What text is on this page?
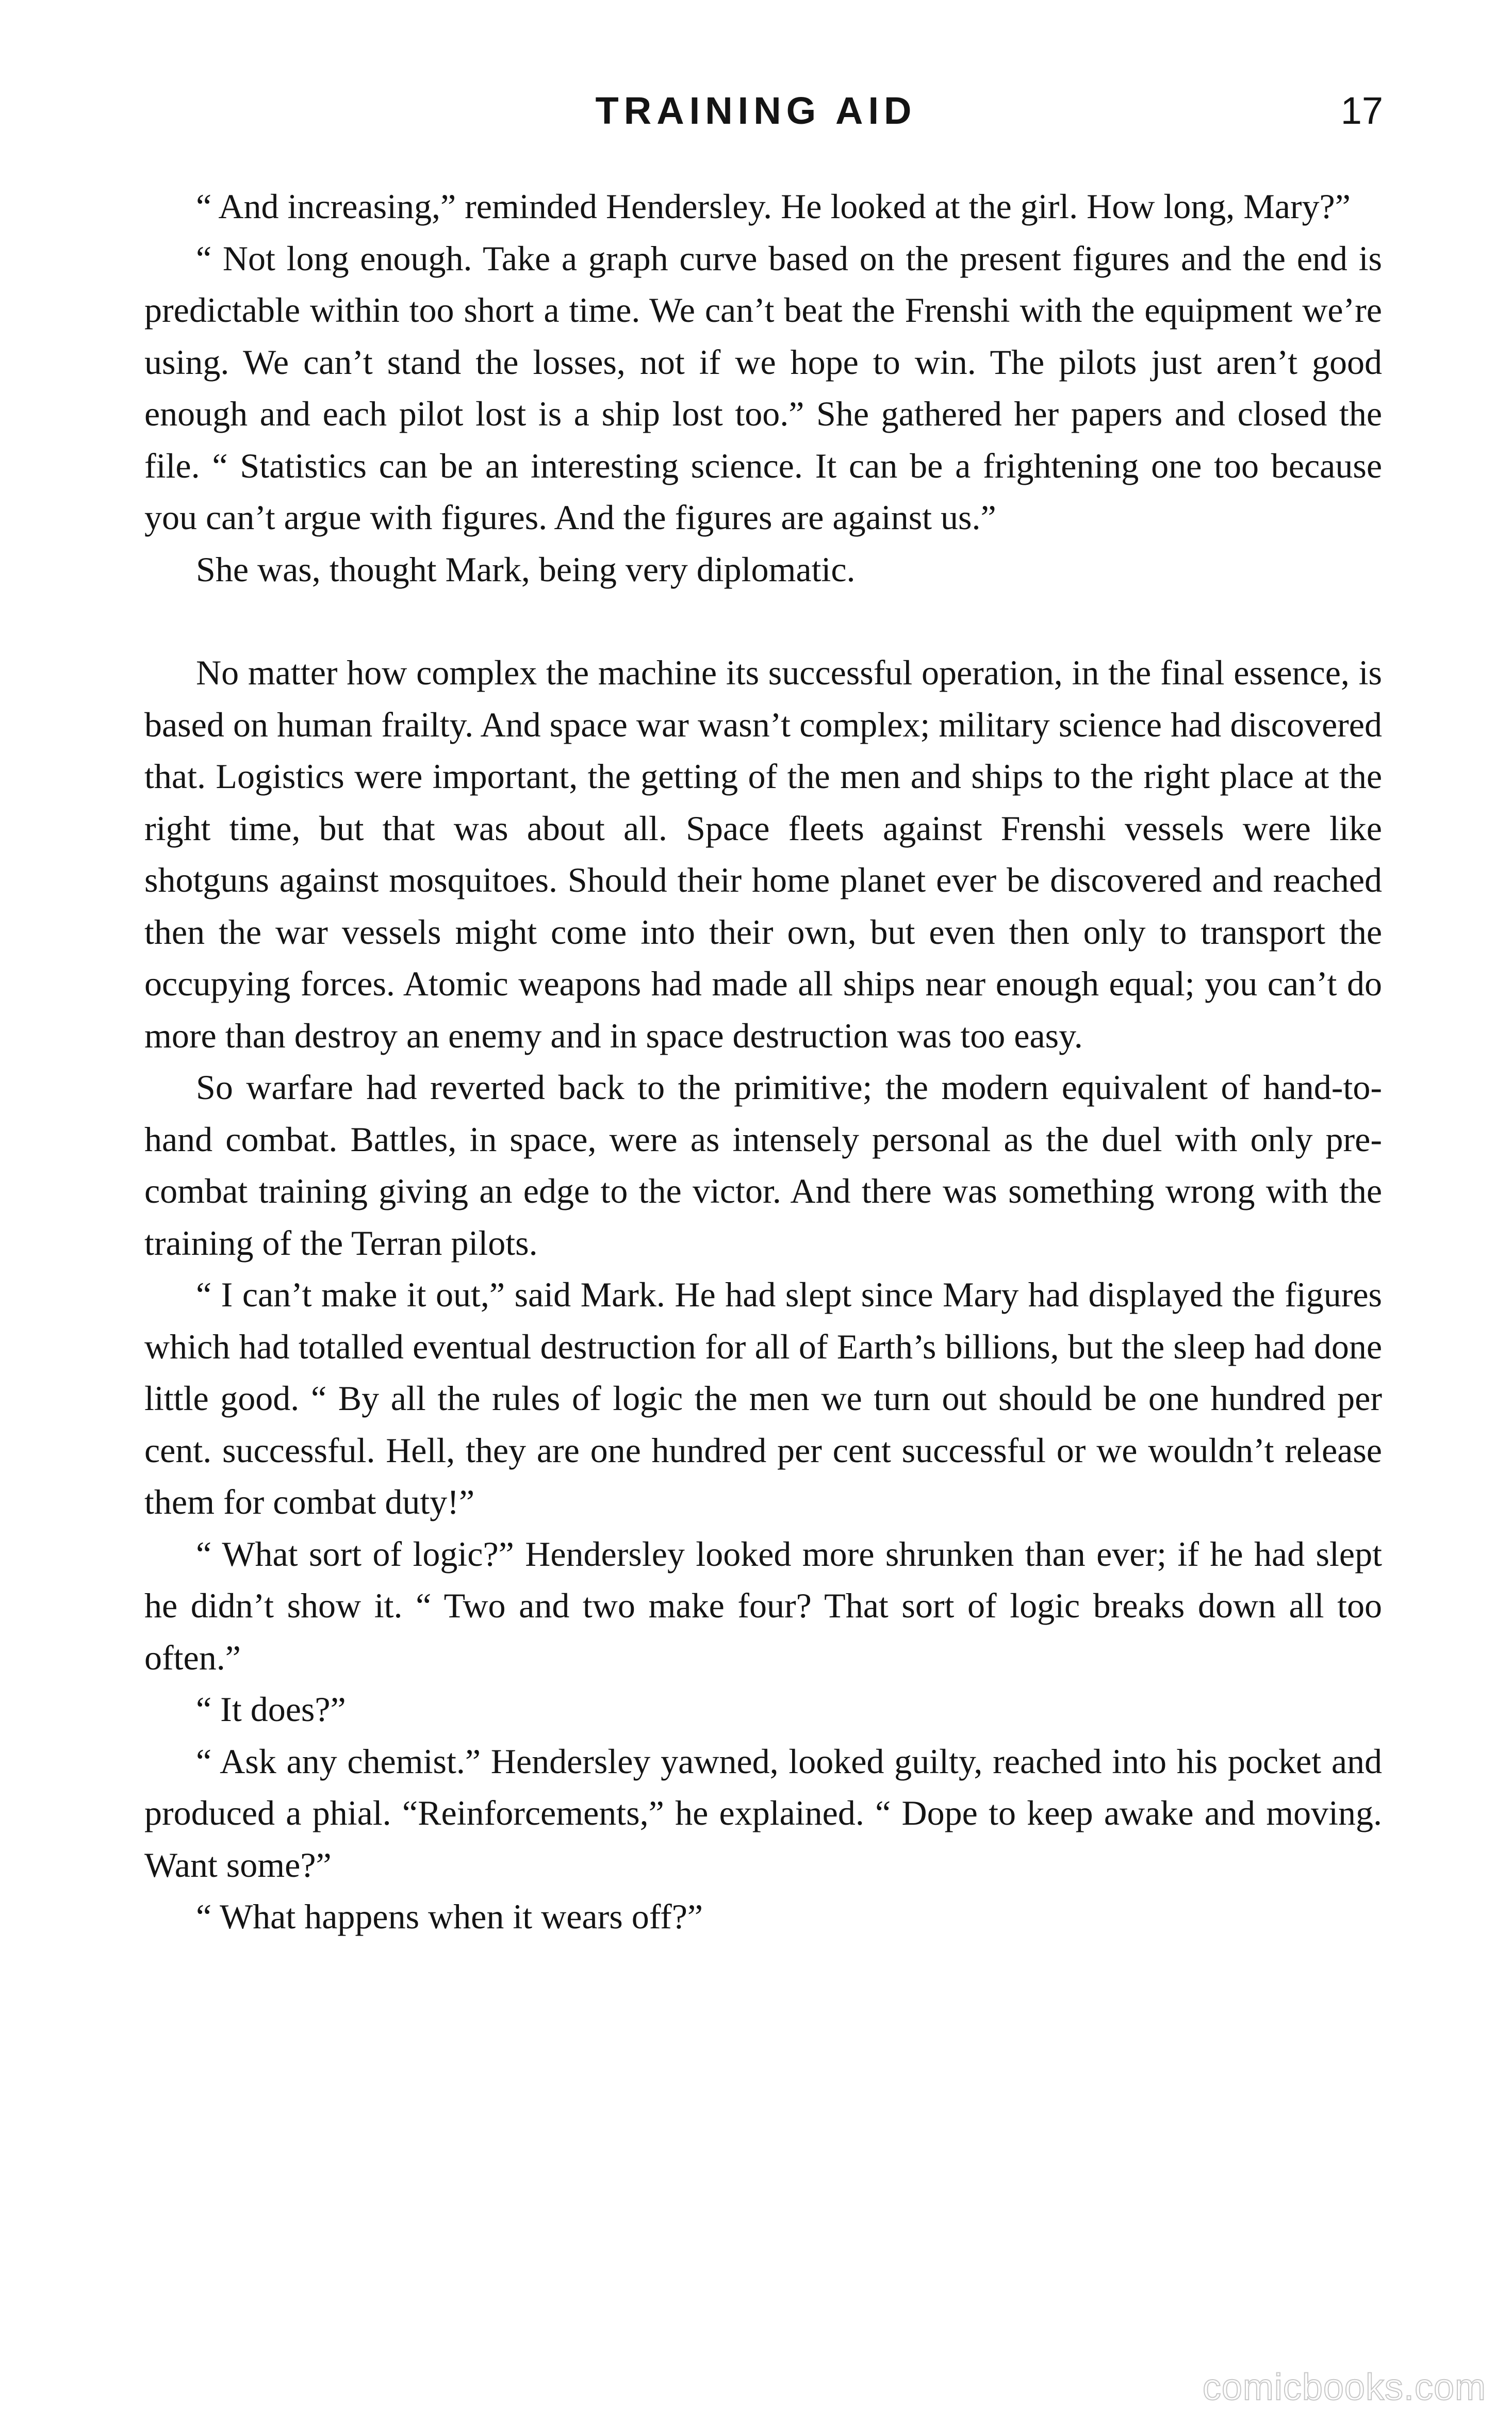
TRAINING AID	17

“ And increasing,” reminded Hendersley. He looked at the girl. How long, Mary?”

“ Not long enough. Take a graph curve based on the present figures and the end is predictable within too short a time. We can’t beat the Frenshi with the equipment we’re using. We can’t stand the losses, not if we hope to win. The pilots just aren’t good enough and each pilot lost is a ship lost too.” She gathered her papers and closed the file. “ Statistics can be an interesting science. It can be a frightening one too because you can’t argue with figures. And the figures are against us.”

She was, thought Mark, being very diplomatic.

No matter how complex the machine its successful operation, in the final essence, is based on human frailty. And space war wasn’t complex; military science had discovered that. Logistics were important, the getting of the men and ships to the right place at the right time, but that was about all. Space fleets against Frenshi vessels were like shotguns against mosquitoes. Should their home planet ever be discovered and reached then the war vessels might come into their own, but even then only to transport the occupying forces. Atomic weapons had made all ships near enough equal; you can’t do more than destroy an enemy and in space destruction was too easy.

So warfare had reverted back to the primitive; the modern equivalent of hand-to-hand combat. Battles, in space, were as intensely personal as the duel with only pre-combat training giving an edge to the victor. And there was something wrong with the training of the Terran pilots.

“ I can’t make it out,” said Mark. He had slept since Mary had displayed the figures which had totalled eventual destruction for all of Earth’s billions, but the sleep had done little good. “ By all the rules of logic the men we turn out should be one hundred per cent. successful. Hell, they are one hundred per cent successful or we wouldn’t release them for combat duty!”

“ What sort of logic?” Hendersley looked more shrunken than ever; if he had slept he didn’t show it. “ Two and two make four? That sort of logic breaks down all too often.”

“ It does?”

“ Ask any chemist.” Hendersley yawned, looked guilty, reached into his pocket and produced a phial. “Reinforcements,” he explained. “ Dope to keep awake and moving. Want some?”

“ What happens when it wears off?”

comicbooks.com
